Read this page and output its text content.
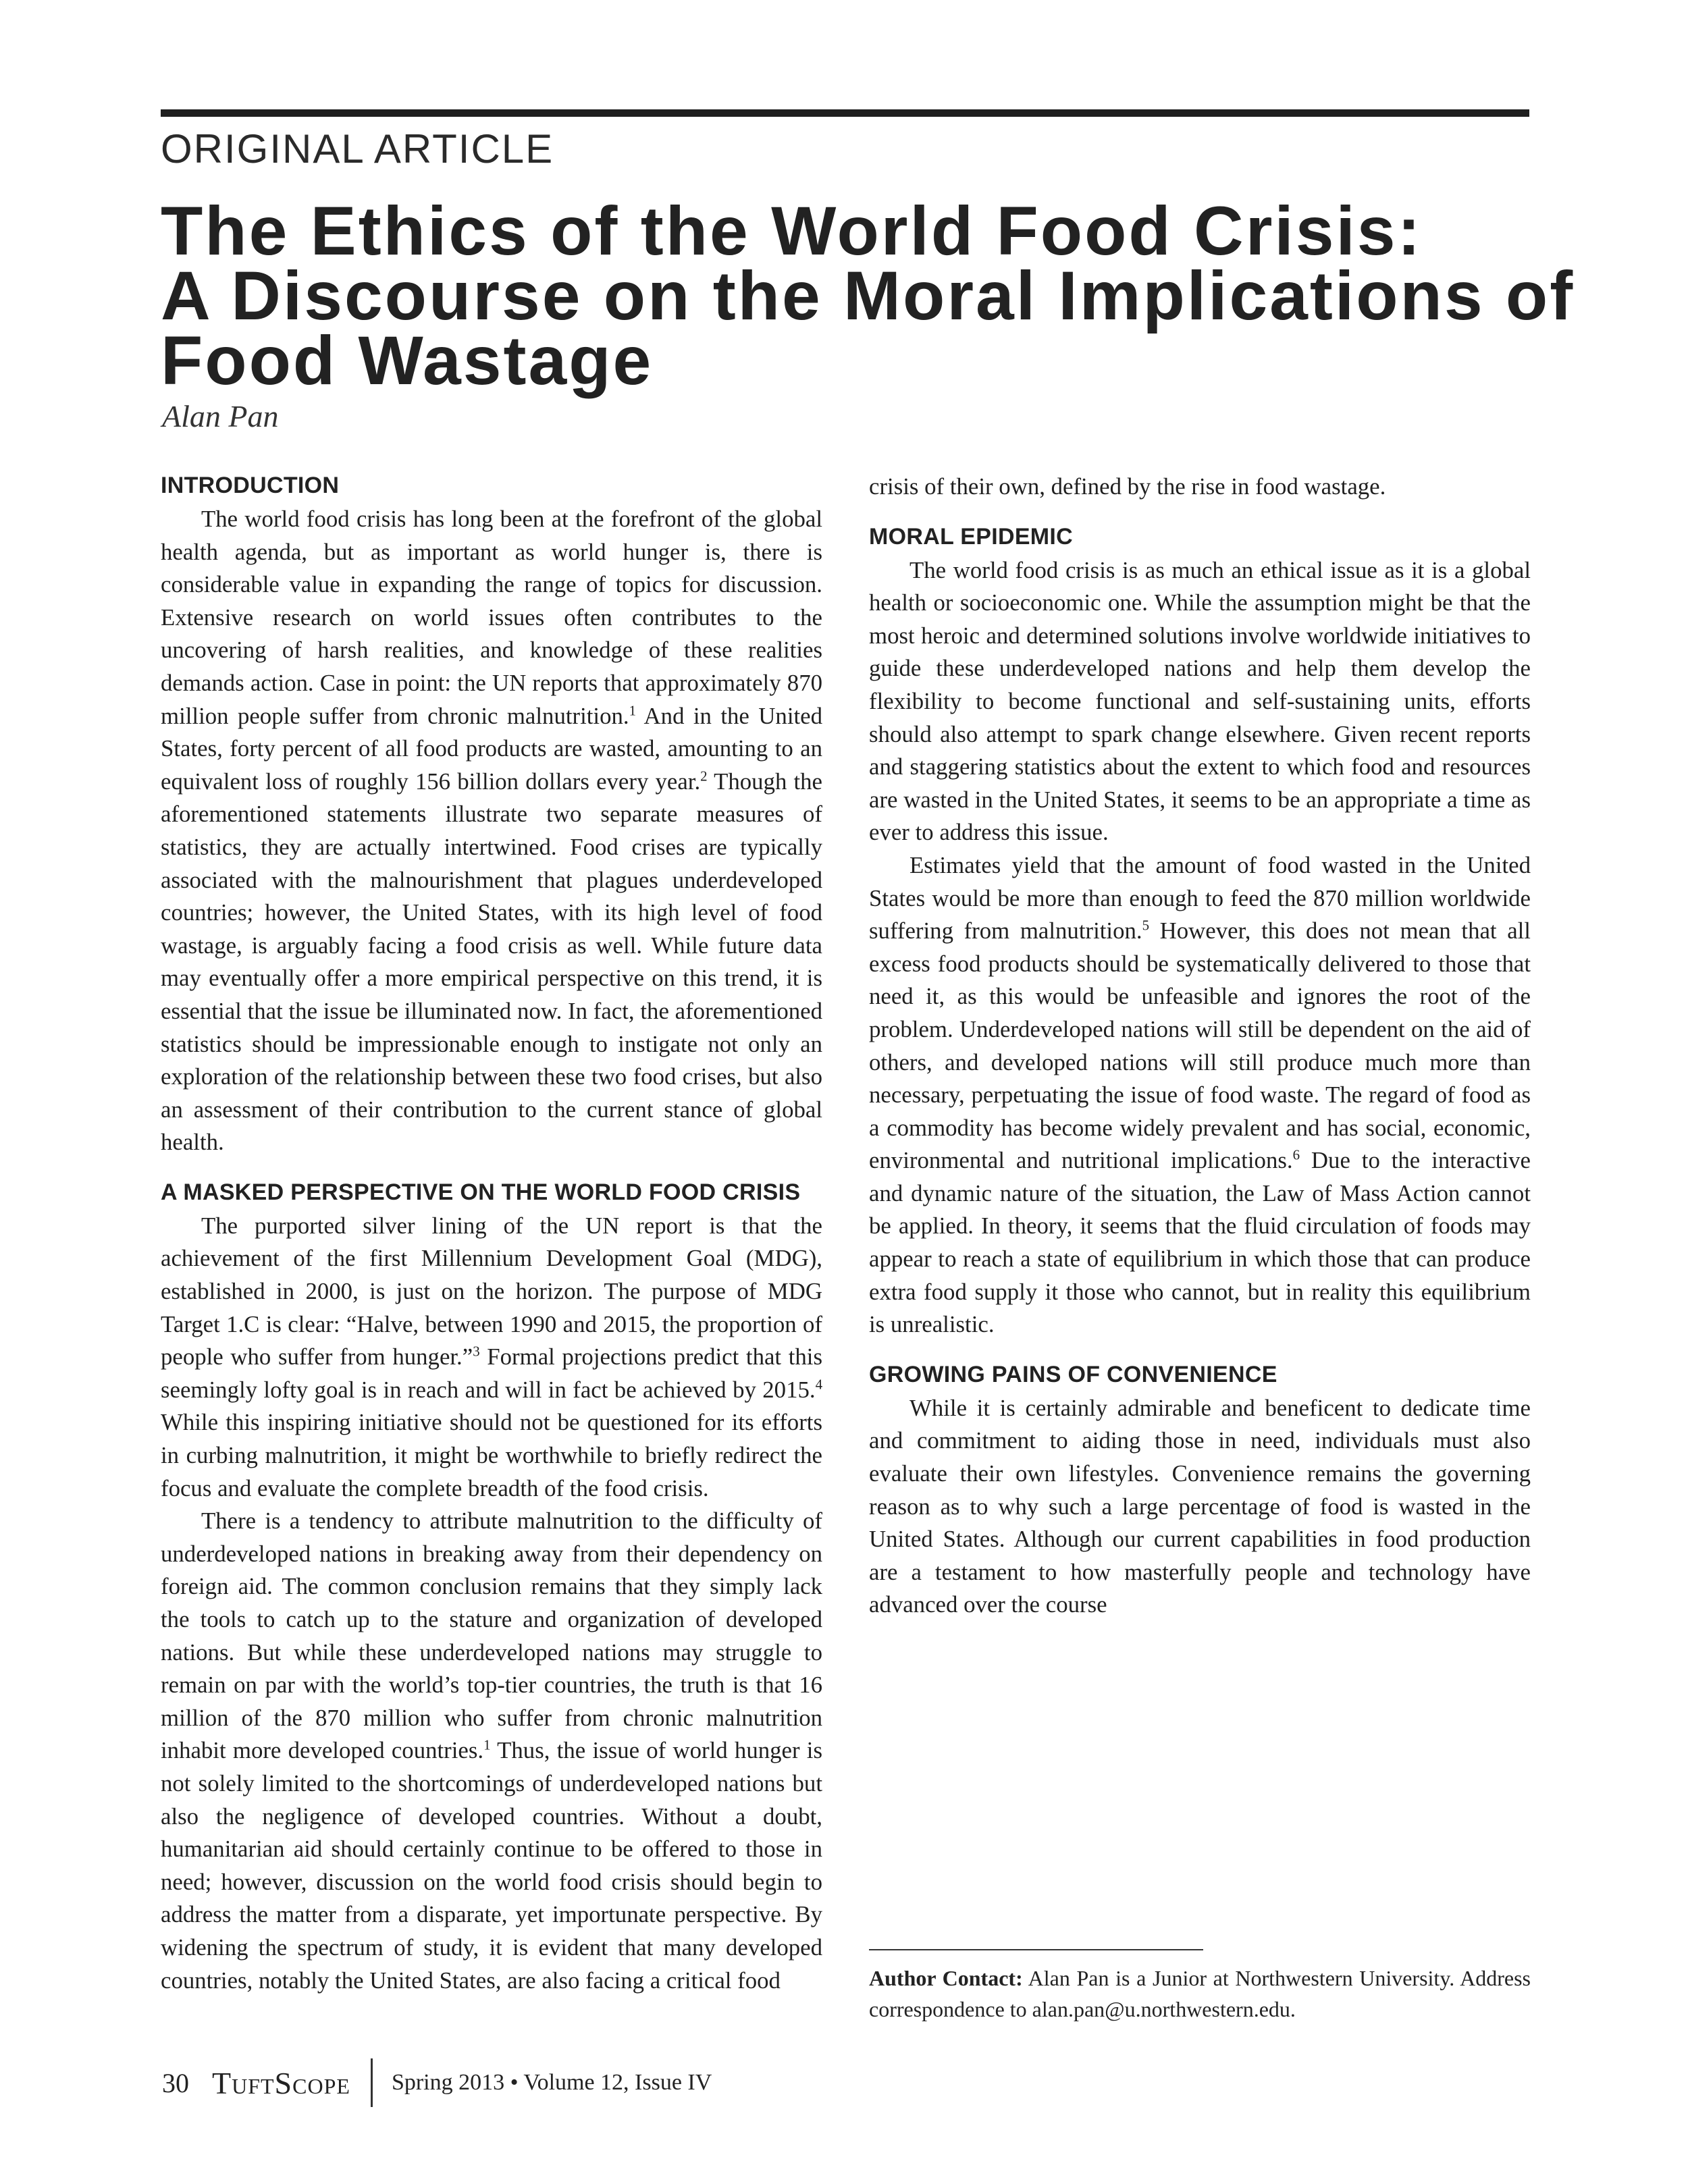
ORIGINAL ARTICLE
The Ethics of the World Food Crisis:
A Discourse on the Moral Implications of
Food Wastage
Alan Pan
INTRODUCTION

The world food crisis has long been at the forefront of the global health agenda, but as important as world hunger is, there is considerable value in expanding the range of topics for discussion. Extensive research on world issues often contributes to the uncovering of harsh realities, and knowledge of these realities demands action. Case in point: the UN reports that approximately 870 million people suffer from chronic malnutrition.$^1$ And in the United States, forty percent of all food products are wasted, amounting to an equivalent loss of roughly 156 billion dollars every year.$^2$ Though the aforementioned statements illustrate two separate measures of statistics, they are actually intertwined. Food crises are typically associated with the malnourishment that plagues underdeveloped countries; however, the United States, with its high level of food wastage, is arguably facing a food crisis as well. While future data may eventually offer a more empirical perspective on this trend, it is essential that the issue be illuminated now. In fact, the aforementioned statistics should be impressionable enough to instigate not only an exploration of the relationship between these two food crises, but also an assessment of their contribution to the current stance of global health.

A MASKED PERSPECTIVE ON THE WORLD FOOD CRISIS

The purported silver lining of the UN report is that the achievement of the first Millennium Development Goal (MDG), established in 2000, is just on the horizon. The purpose of MDG Target 1.C is clear: “Halve, between 1990 and 2015, the proportion of people who suffer from hunger.”$^3$ Formal projections predict that this seemingly lofty goal is in reach and will in fact be achieved by 2015.$^4$ While this inspiring initiative should not be questioned for its efforts in curbing malnutrition, it might be worthwhile to briefly redirect the focus and evaluate the complete breadth of the food crisis.

There is a tendency to attribute malnutrition to the difficulty of underdeveloped nations in breaking away from their dependency on foreign aid. The common conclusion remains that they simply lack the tools to catch up to the stature and organization of developed nations. But while these underdeveloped nations may struggle to remain on par with the world’s top-tier countries, the truth is that 16 million of the 870 million who suffer from chronic malnutrition inhabit more developed countries.$^1$ Thus, the issue of world hunger is not solely limited to the shortcomings of underdeveloped nations but also the negligence of developed countries. Without a doubt, humanitarian aid should certainly continue to be offered to those in need; however, discussion on the world food crisis should begin to address the matter from a disparate, yet importunate perspective. By widening the spectrum of study, it is evident that many developed countries, notably the United States, are also facing a critical food

crisis of their own, defined by the rise in food wastage.

MORAL EPIDEMIC

The world food crisis is as much an ethical issue as it is a global health or socioeconomic one. While the assumption might be that the most heroic and determined solutions involve worldwide initiatives to guide these underdeveloped nations and help them develop the flexibility to become functional and self-sustaining units, efforts should also attempt to spark change elsewhere. Given recent reports and staggering statistics about the extent to which food and resources are wasted in the United States, it seems to be an appropriate a time as ever to address this issue.

Estimates yield that the amount of food wasted in the United States would be more than enough to feed the 870 million worldwide suffering from malnutrition.$^5$ However, this does not mean that all excess food products should be systematically delivered to those that need it, as this would be unfeasible and ignores the root of the problem. Underdeveloped nations will still be dependent on the aid of others, and developed nations will still produce much more than necessary, perpetuating the issue of food waste. The regard of food as a commodity has become widely prevalent and has social, economic, environmental and nutritional implications.$^6$ Due to the interactive and dynamic nature of the situation, the Law of Mass Action cannot be applied. In theory, it seems that the fluid circulation of foods may appear to reach a state of equilibrium in which those that can produce extra food supply it those who cannot, but in reality this equilibrium is unrealistic.

GROWING PAINS OF CONVENIENCE

While it is certainly admirable and beneficent to dedicate time and commitment to aiding those in need, individuals must also evaluate their own lifestyles. Convenience remains the governing reason as to why such a large percentage of food is wasted in the United States. Although our current capabilities in food production are a testament to how masterfully people and technology have advanced over the course

Author Contact: Alan Pan is a Junior at Northwestern University. Address correspondence to alan.pan@u.northwestern.edu.
30 TuftScope Spring 2013 • Volume 12, Issue IV
